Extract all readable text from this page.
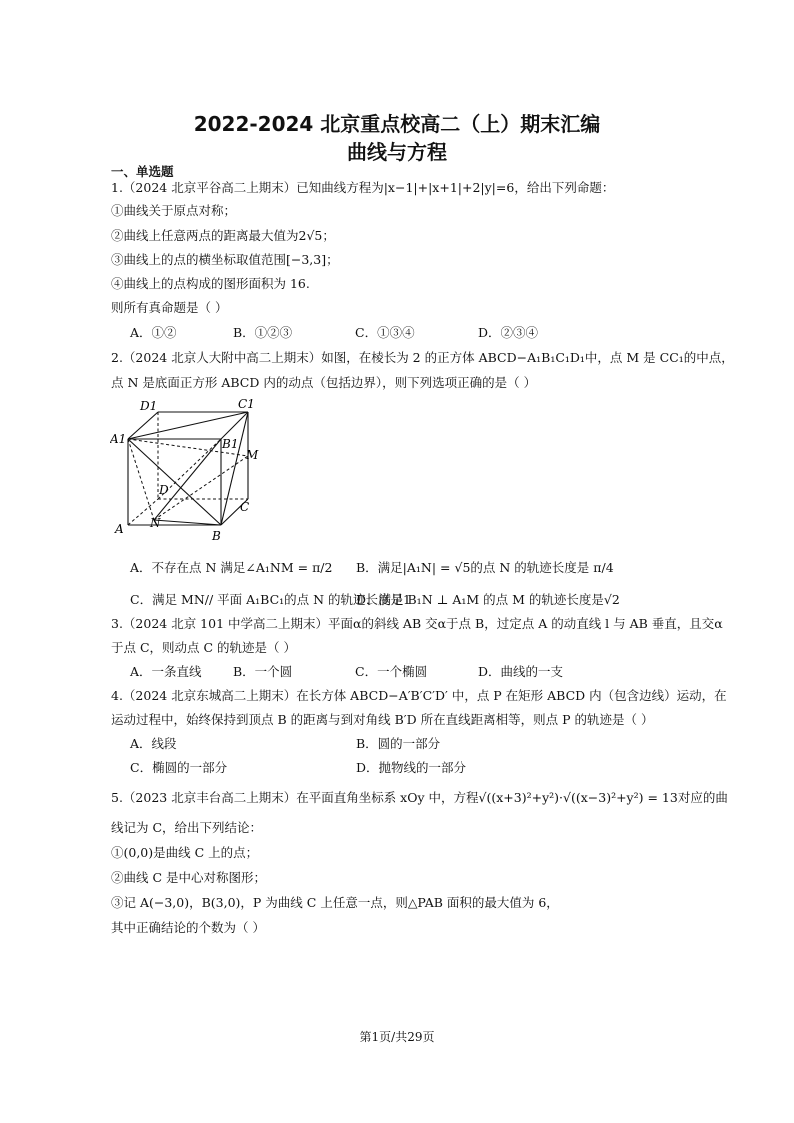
2022-2024 北京重点校高二（上）期末汇编
曲线与方程
一、单选题
1.（2024 北京平谷高二上期末）已知曲线方程为|x−1|+|x+1|+2|y|=6，给出下列命题：
①曲线关于原点对称；
②曲线上任意两点的距离最大值为2√5；
③曲线上的点的横坐标取值范围[−3,3]；
④曲线上的点构成的图形面积为 16.
则所有真命题是（ ）
A．①②	B．①②③	C．①③④	D．②③④
2.（2024 北京人大附中高二上期末）如图，在棱长为 2 的正方体 ABCD−A₁B₁C₁D₁中，点 M 是 CC₁的中点，
点 N 是底面正方形 ABCD 内的动点（包括边界），则下列选项正确的是（ ）
D1	C1
A1	B1
M
D
C
A N
B
A．不存在点 N 满足∠A₁NM = π/2 B．满足|A₁N| = √5的点 N 的轨迹长度是 π/4
C．满足 MN// 平面 A₁BC₁的点 N 的轨迹长度是1
D．满足 B₁N ⊥ A₁M 的点 M 的轨迹长度是√2
3.（2024 北京 101 中学高二上期末）平面α的斜线 AB 交α于点 B，过定点 A 的动直线 l 与 AB 垂直，且交α
于点 C，则动点 C 的轨迹是（ ）
A．一条直线	B．一个圆	C．一个椭圆	D．曲线的一支
4.（2024 北京东城高二上期末）在长方体 ABCD−A′B′C′D′ 中，点 P 在矩形 ABCD 内（包含边线）运动，在
运动过程中，始终保持到顶点 B 的距离与到对角线 B′D 所在直线距离相等，则点 P 的轨迹是（ ）
A．线段	B．圆的一部分
C．椭圆的一部分	D．抛物线的一部分
5.（2023 北京丰台高二上期末）在平面直角坐标系 xOy 中，方程√((x+3)²+y²)·√((x−3)²+y²) = 13对应的曲
线记为 C，给出下列结论：
①(0,0)是曲线 C 上的点；
②曲线 C 是中心对称图形；
③记 A(−3,0)，B(3,0)，P 为曲线 C 上任意一点，则△PAB 面积的最大值为 6，
其中正确结论的个数为（ ）
第1页/共29页
